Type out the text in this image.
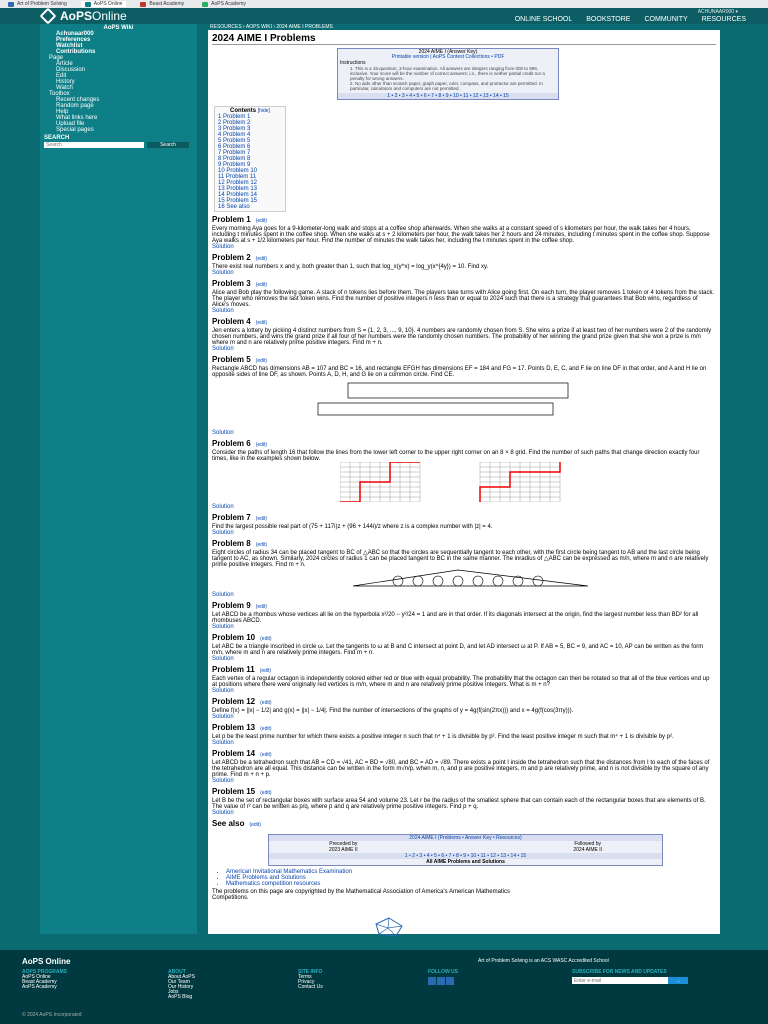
Art of Problem Solving	AoPS Online	Beast Academy	AoPS Academy
AoPSOnline	ACHUNAAR000 ▾
ONLINE SCHOOL BOOKSTORE COMMUNITY RESOURCES
RESOURCES › AOPS WIKI › 2024 AIME I PROBLEMS
AoPS Wiki
Achunaar000
Preferences
Watchlist
Contributions
Page
Article
Discussion
Edit
History
Watch
Toolbox
Recent changes
Random page
Help
What links here
Upload file
Special pages
SEARCH
Search
Search
2024 AIME I Problems
2024 AIME I (Answer Key)
Printable version | AoPS Contest Collections • PDF
Instructions
1. This is a 15-question, 3-hour examination. All answers are integers ranging from 000 to 999, inclusive. Your score will be the number of correct answers; i.e., there is neither partial credit nor a penalty for wrong answers.
2. No aids other than scratch paper, graph paper, ruler, compass, and protractor are permitted. In particular, calculators and computers are not permitted.
1 • 2 • 3 • 4 • 5 • 6 • 7 • 8 • 9 • 10 • 11 • 12 • 13 • 14 • 15
Contents [hide]
1 Problem 1
2 Problem 2
3 Problem 3
4 Problem 4
5 Problem 5
6 Problem 6
7 Problem 7
8 Problem 8
9 Problem 9
10 Problem 10
11 Problem 11
12 Problem 12
13 Problem 13
14 Problem 14
15 Problem 15
16 See also
Problem 1 (edit)
Every morning Aya goes for a 9-kilometer-long walk and stops at a coffee shop afterwards. When she walks at a constant speed of s kilometers per hour, the walk takes her 4 hours, including t minutes spent in the coffee shop. When she walks at s + 2 kilometers per hour, the walk takes her 2 hours and 24 minutes, including t minutes spent in the coffee shop. Suppose Aya walks at s + 1/2 kilometers per hour. Find the number of minutes the walk takes her, including the t minutes spent in the coffee shop.
Solution
Problem 2 (edit)
There exist real numbers x and y, both greater than 1, such that log_x(y^x) = log_y(x^{4y}) = 10. Find xy.
Solution
Problem 3 (edit)
Alice and Bob play the following game. A stack of n tokens lies before them. The players take turns with Alice going first. On each turn, the player removes 1 token or 4 tokens from the stack. The player who removes the last token wins. Find the number of positive integers n less than or equal to 2024 such that there is a strategy that guarantees that Bob wins, regardless of Alice's moves.
Solution
Problem 4 (edit)
Jen enters a lottery by picking 4 distinct numbers from S = {1, 2, 3, ..., 9, 10}. 4 numbers are randomly chosen from S. She wins a prize if at least two of her numbers were 2 of the randomly chosen numbers, and wins the grand prize if all four of her numbers were the randomly chosen numbers. The probability of her winning the grand prize given that she won a prize is m/n where m and n are relatively prime positive integers. Find m + n.
Solution
Problem 5 (edit)
Rectangle ABCD has dimensions AB = 107 and BC = 16, and rectangle EFGH has dimensions EF = 184 and FG = 17. Points D, E, C, and F lie on line DF in that order, and A and H lie on opposite sides of line DF, as shown. Points A, D, H, and G lie on a common circle. Find CE.
Solution
Problem 6 (edit)
Consider the paths of length 16 that follow the lines from the lower left corner to the upper right corner on an 8 × 8 grid. Find the number of such paths that change direction exactly four times, like in the examples shown below.
Solution
Problem 7 (edit)
Find the largest possible real part of (75 + 117i)z + (96 + 144i)/z where z is a complex number with |z| = 4.
Solution
Problem 8 (edit)
Eight circles of radius 34 can be placed tangent to BC of △ABC so that the circles are sequentially tangent to each other, with the first circle being tangent to AB and the last circle being tangent to AC, as shown. Similarly, 2024 circles of radius 1 can be placed tangent to BC in the same manner. The inradius of △ABC can be expressed as m/n, where m and n are relatively prime positive integers. Find m + n.
Solution
Problem 9 (edit)
Let ABCD be a rhombus whose vertices all lie on the hyperbola x²/20 − y²/24 = 1 and are in that order. If its diagonals intersect at the origin, find the largest number less than BD² for all rhombuses ABCD.
Solution
Problem 10 (edit)
Let ABC be a triangle inscribed in circle ω. Let the tangents to ω at B and C intersect at point D, and let AD intersect ω at P. If AB = 5, BC = 9, and AC = 10, AP can be written as the form m/n, where m and n are relatively prime integers. Find m + n.
Solution
Problem 11 (edit)
Each vertex of a regular octagon is independently colored either red or blue with equal probability. The probability that the octagon can then be rotated so that all of the blue vertices end up at positions where there were originally red vertices is m/n, where m and n are relatively prime positive integers. What is m + n?
Solution
Problem 12 (edit)
Define f(x) = ||x| − 1/2| and g(x) = ||x| − 1/4|. Find the number of intersections of the graphs of y = 4g(f(sin(2πx))) and x = 4g(f(cos(3πy))).
Solution
Problem 13 (edit)
Let p be the least prime number for which there exists a positive integer n such that n⁴ + 1 is divisible by p². Find the least positive integer m such that m⁴ + 1 is divisible by p².
Solution
Problem 14 (edit)
Let ABCD be a tetrahedron such that AB = CD = √41, AC = BD = √80, and BC = AD = √89. There exists a point I inside the tetrahedron such that the distances from I to each of the faces of the tetrahedron are all equal. This distance can be written in the form m√n/p, when m, n, and p are positive integers, m and p are relatively prime, and n is not divisible by the square of any prime. Find m + n + p.
Solution
Problem 15 (edit)
Let B be the set of rectangular boxes with surface area 54 and volume 23. Let r be the radius of the smallest sphere that can contain each of the rectangular boxes that are elements of B. The value of r² can be written as p/q, where p and q are relatively prime positive integers. Find p + q.
Solution
See also (edit)
2024 AIME I (Problems • Answer Key • Resources)
Preceded by
2023 AIME II
Followed by
2024 AIME II
1 • 2 • 3 • 4 • 5 • 6 • 7 • 8 • 9 • 10 • 11 • 12 • 13 • 14 • 15
All AIME Problems and Solutions
• American Invitational Mathematics Examination
• AIME Problems and Solutions
• Mathematics competition resources
The problems on this page are copyrighted by the Mathematical Association of America's American Mathematics Competitions.
AoPS Online	Art of Problem Solving is an ACS WASC Accredited School
AOPS PROGRAMS
AoPS Online
Beast Academy
AoPS Academy
ABOUT
About AoPS
Our Team
Our History
Jobs
AoPS Blog
SITE INFO
Terms
Privacy
Contact Us
FOLLOW US	SUBSCRIBE FOR NEWS AND UPDATES
Enter e-mail
→
© 2024 AoPS Incorporated
